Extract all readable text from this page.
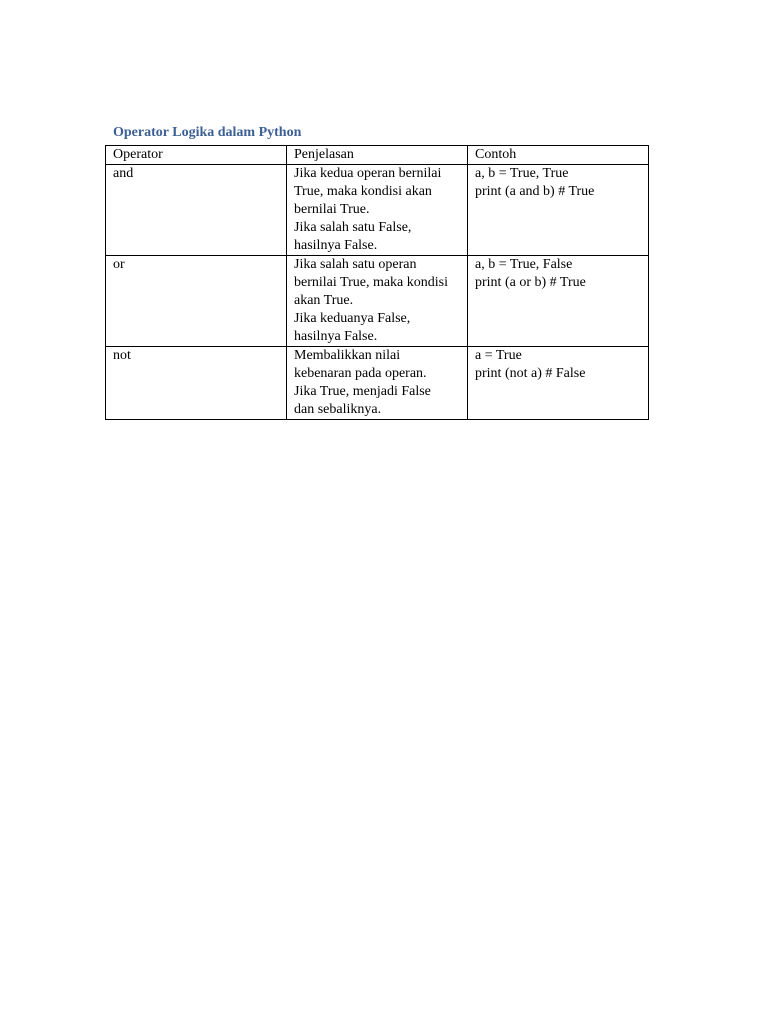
Operator Logika dalam Python
Operator	Penjelasan	Contoh
and	Jika kedua operan bernilai
True, maka kondisi akan
bernilai True.
Jika salah satu False,
hasilnya False.	a, b = True, True
print (a and b) # True

or	Jika salah satu operan
bernilai True, maka kondisi
akan True.
Jika keduanya False,
hasilnya False.	a, b = True, False
print (a or b) # True

not	Membalikkan nilai
kebenaran pada operan.
Jika True, menjadi False
dan sebaliknya.	a = True
print (not a) # False
